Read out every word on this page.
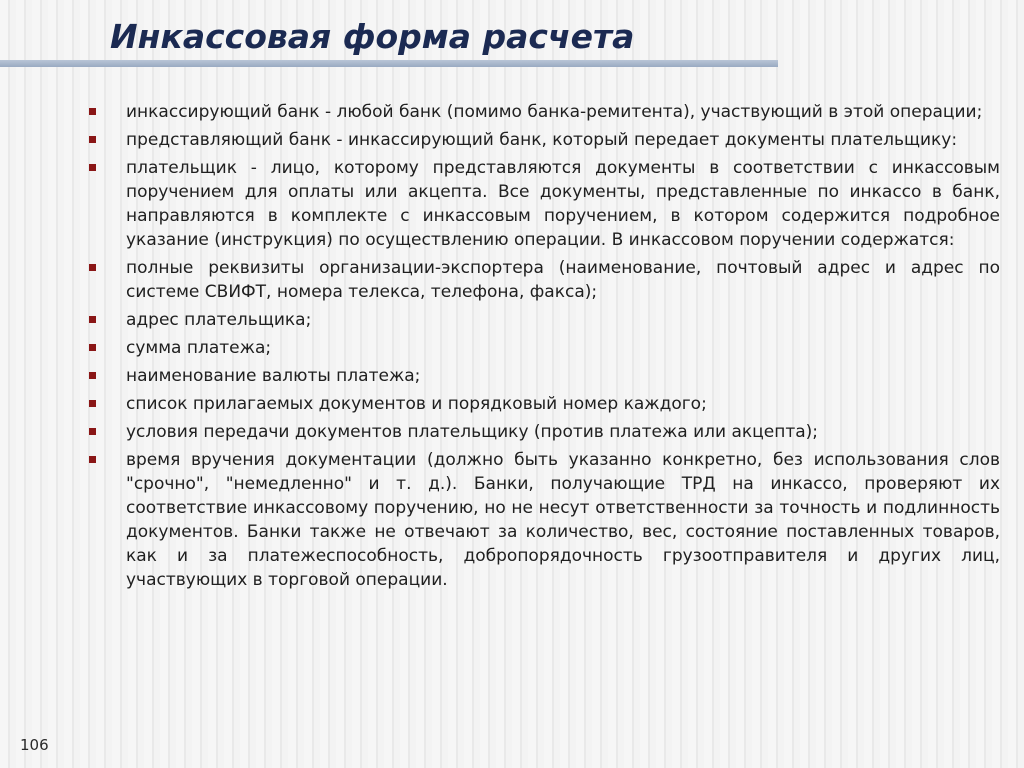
Инкассовая форма расчета
инкассирующий банк - любой банк (помимо банка-ремитента), участвующий в этой операции;
представляющий банк - инкассирующий банк, который передает документы плательщику:
плательщик - лицо, которому представляются документы в соответствии с инкассовым поручением для оплаты или акцепта. Все документы, представленные по инкассо в банк, направляются в комплекте с инкассовым поручением, в котором содержится подробное указание (инструкция) по осуществлению операции. В инкассовом поручении содержатся:
полные реквизиты организации-экспортера (наименование, почтовый адрес и адрес по системе СВИФТ, номера телекса, телефона, факса);
адрес плательщика;
сумма платежа;
наименование валюты платежа;
список прилагаемых документов и порядковый номер каждого;
условия передачи документов плательщику (против платежа или акцепта);
время вручения документации (должно быть указанно конкретно, без использования слов "срочно", "немедленно" и т. д.). Банки, получающие ТРД на инкассо, проверяют их соответствие инкассовому поручению, но не несут ответственности за точность и подлинность документов. Банки также не отвечают за количество, вес, состояние поставленных товаров, как и за платежеспособность, добропорядочность грузоотправителя и других лиц, участвующих в торговой операции.
106
